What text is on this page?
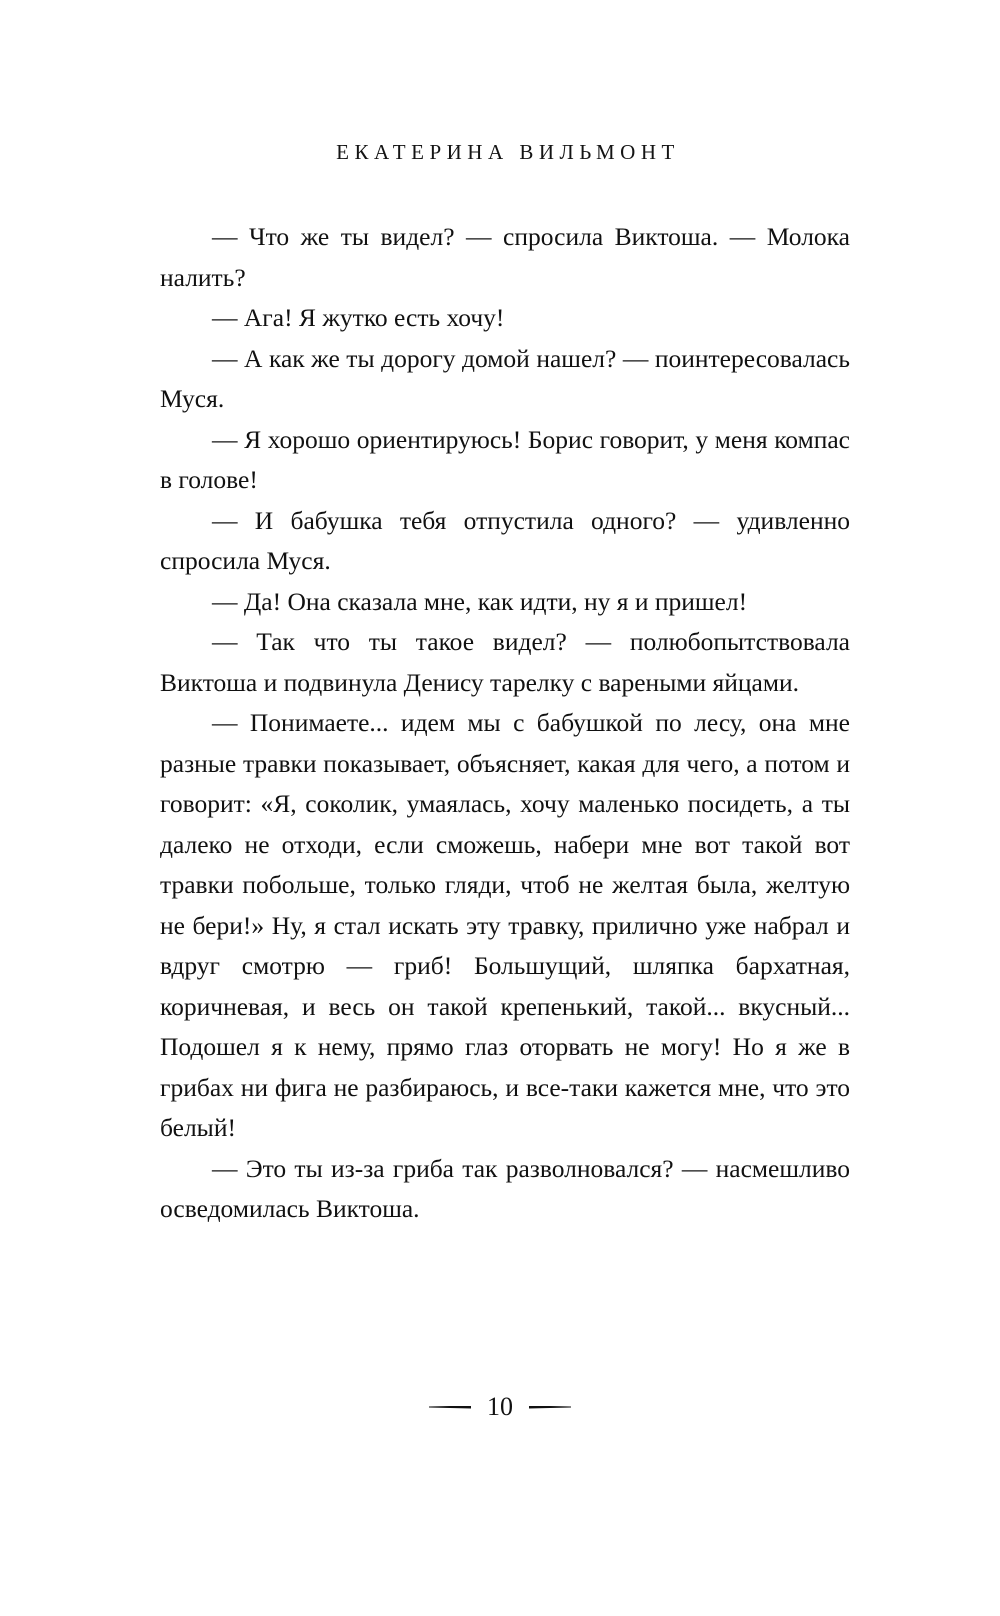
ЕКАТЕРИНА ВИЛЬМОНТ

— Что же ты видел? — спросила Виктоша. — Молока налить?

— Ага! Я жутко есть хочу!

— А как же ты дорогу домой нашел? — поинтересовалась Муся.

— Я хорошо ориентируюсь! Борис говорит, у меня компас в голове!

— И бабушка тебя отпустила одного? — удивленно спросила Муся.

— Да! Она сказала мне, как идти, ну я и пришел!

— Так что ты такое видел? — полюбопытствовала Виктоша и подвинула Денису тарелку с вареными яйцами.

— Понимаете... идем мы с бабушкой по лесу, она мне разные травки показывает, объясняет, какая для чего, а потом и говорит: «Я, соколик, умаялась, хочу маленько посидеть, а ты далеко не отходи, если сможешь, набери мне вот такой вот травки побольше, только гляди, чтоб не желтая была, желтую не бери!» Ну, я стал искать эту травку, прилично уже набрал и вдруг смотрю — гриб! Большущий, шляпка бархатная, коричневая, и весь он такой крепенький, такой... вкусный... Подошел я к нему, прямо глаз оторвать не могу! Но я же в грибах ни фига не разбираюсь, и все-таки кажется мне, что это белый!

— Это ты из-за гриба так разволновался? — насмешливо осведомилась Виктоша.

10
